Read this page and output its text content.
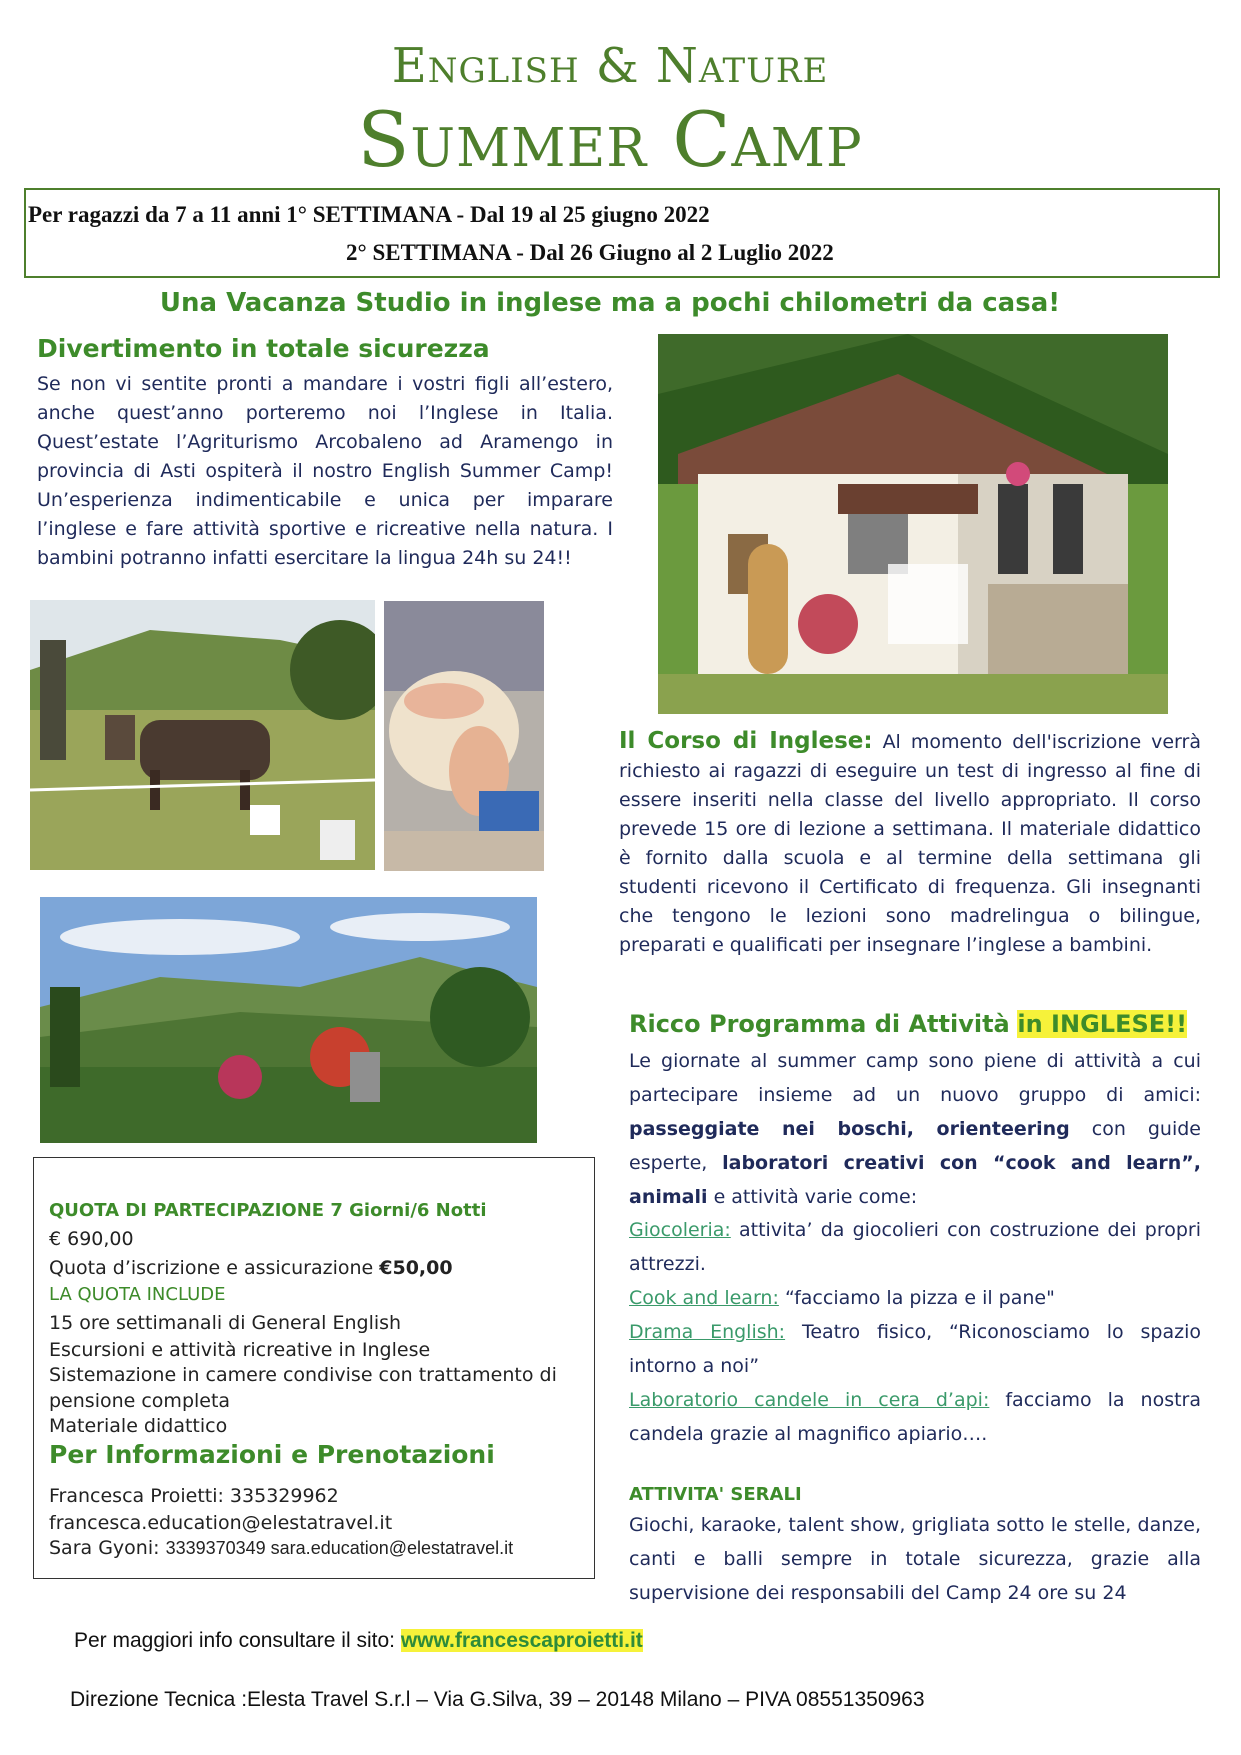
English & Nature
Summer Camp
Per ragazzi da 7 a 11 anni 1° SETTIMANA - Dal 19 al 25 giugno 2022
2° SETTIMANA - Dal 26 Giugno al 2 Luglio 2022
Una Vacanza Studio in inglese ma a pochi chilometri da casa!
Divertimento in totale sicurezza
Se non vi sentite pronti a mandare i vostri figli all’estero, anche quest’anno porteremo noi l’Inglese in Italia. Quest’estate l’Agriturismo Arcobaleno ad Aramengo in provincia di Asti ospiterà il nostro English Summer Camp! Un’esperienza indimenticabile e unica per imparare l’inglese e fare attività sportive e ricreative nella natura. I bambini potranno infatti esercitare la lingua 24h su 24!!
Il Corso di Inglese: Al momento dell'iscrizione verrà richiesto ai ragazzi di eseguire un test di ingresso al fine di essere inseriti nella classe del livello appropriato. Il corso prevede 15 ore di lezione a settimana. Il materiale didattico è fornito dalla scuola e al termine della settimana gli studenti ricevono il Certificato di frequenza. Gli insegnanti che tengono le lezioni sono madrelingua o bilingue, preparati e qualificati per insegnare l’inglese a bambini.
Ricco Programma di Attività in INGLESE!!
Le giornate al summer camp sono piene di attività a cui partecipare insieme ad un nuovo gruppo di amici: passeggiate nei boschi, orienteering con guide esperte, laboratori creativi con “cook and learn”, animali e attività varie come:
Giocoleria: attivita’ da giocolieri con costruzione dei propri attrezzi.
Cook and learn: “facciamo la pizza e il pane"
Drama English: Teatro fisico, “Riconosciamo lo spazio intorno a noi”
Laboratorio candele in cera d’api: facciamo la nostra candela grazie al magnifico apiario….
ATTIVITA' SERALI
Giochi, karaoke, talent show, grigliata sotto le stelle, danze, canti e balli sempre in totale sicurezza, grazie alla supervisione dei responsabili del Camp 24 ore su 24
QUOTA DI PARTECIPAZIONE 7 Giorni/6 Notti
€ 690,00
Quota d’iscrizione e assicurazione €50,00
LA QUOTA INCLUDE
15 ore settimanali di General English
Escursioni e attività ricreative in Inglese
Sistemazione in camere condivise con trattamento di
pensione completa
Materiale didattico
Per Informazioni e Prenotazioni
Francesca Proietti: 335329962
francesca.education@elestatravel.it
Sara Gyoni: 3339370349 sara.education@elestatravel.it
Per maggiori info consultare il sito: www.francescaproietti.it
Direzione Tecnica :Elesta Travel S.r.l – Via G.Silva, 39 – 20148 Milano – PIVA 08551350963
